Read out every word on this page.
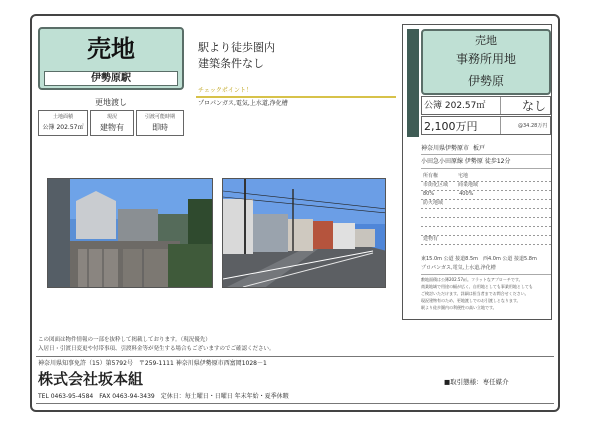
売地
伊勢原駅
駅より徒歩圏内
建築条件なし
更地渡し
土地面積
公簿 202.57㎡
現況
建物有
引渡可能時期
即時
チェックポイント！
プロパンガス,電気,上水道,浄化槽
売地
事務所用地
伊勢原
公簿 202.57㎡	なし
2,100万円	@34.28万円
神奈川県伊勢原市 板戸
小田急小田原線 伊勢原 徒歩12分
所有権　　　　宅地
市街化区域　　商業地域
80%　　　　　400%
防火地域
建物有
東15.0m 公道 接道8.5m　西4.0m 公道 接道5.8m
プロパンガス,電気,上水道,浄化槽
敷地面積は公簿202.57㎡。フラットなアプローチです。
商業地域で用途の幅が広く、自用地としても事業用地としても
ご検討いただけます。詳細は担当者までお問合せください。
現況建物有のため、更地渡しでのお引渡しとなります。
駅より徒歩圏内の利便性の高い立地です。
この図面は物件情報の一部を抜粋して掲載しております。（現況優先）
入居日・引渡日変更や付帯事項、引渡料金等が発生する場合もございますのでご確認ください。
神奈川県知事免許（15）第5792号　〒259-1111 神奈川県伊勢原市西富岡1028－1
株式会社坂本組
TEL 0463-95-4584　FAX 0463-94-3439　定休日：毎土曜日・日曜日 年末年始・夏季休暇
■取引態様：専任媒介
